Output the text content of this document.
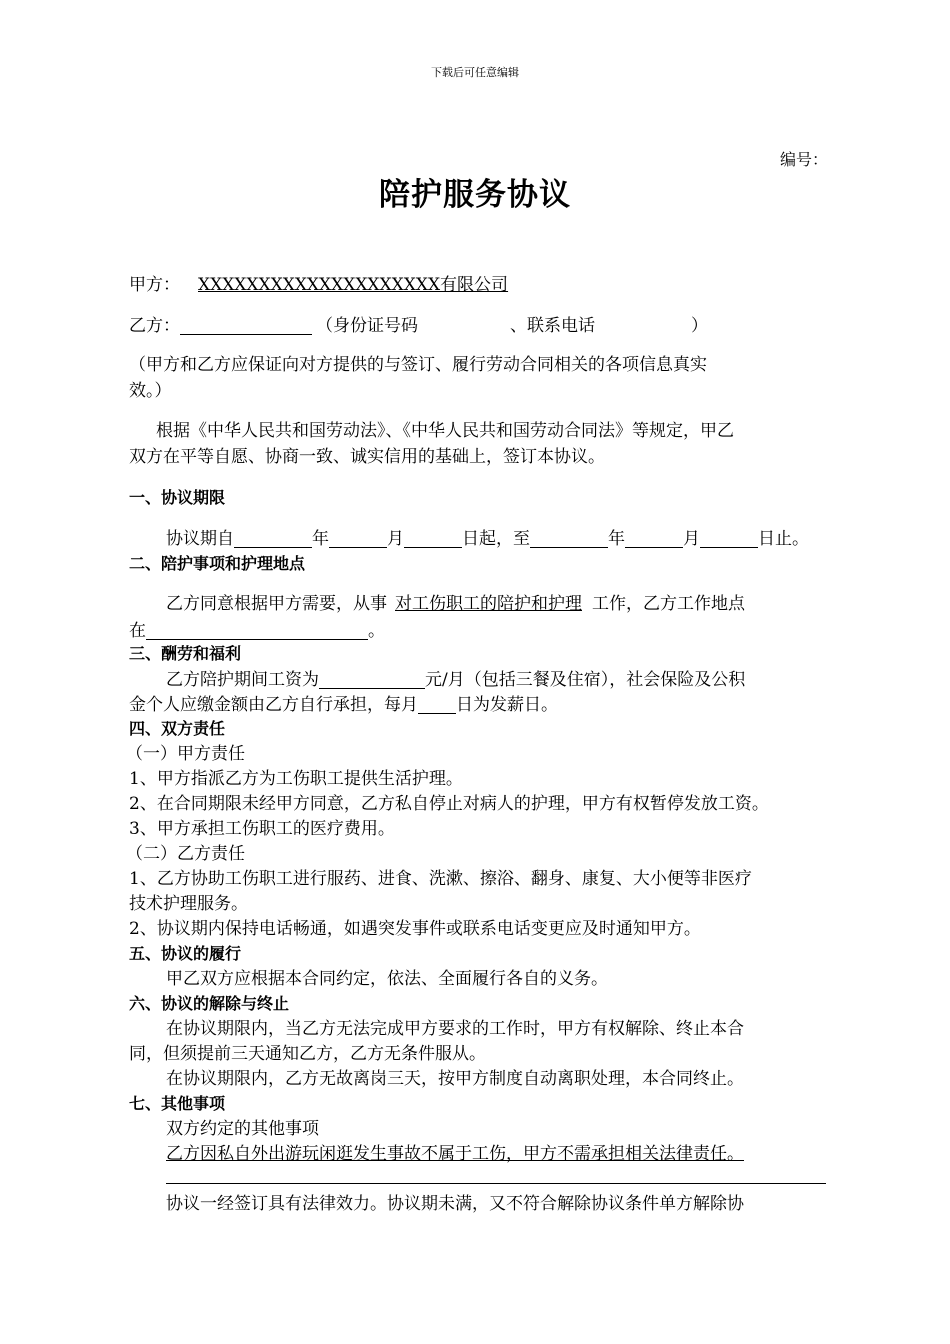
下载后可任意编辑
编号：
陪护服务协议
甲方： XXXXXXXXXXXXXXXXXXXX有限公司
乙方：	（身份证号码	、联系电话	）
（甲方和乙方应保证向对方提供的与签订、履行劳动合同相关的各项信息真实
效。）
根据《中华人民共和国劳动法》、《中华人民共和国劳动合同法》等规定，甲乙
双方在平等自愿、协商一致、诚实信用的基础上，签订本协议。
一、协议期限
协议期自	年	月	日起，至	年	月	日止。
二、陪护事项和护理地点
乙方同意根据甲方需要，从事 对工伤职工的陪护和护理 工作，乙方工作地点
在	。
三、酬劳和福利
乙方陪护期间工资为	元/月（包括三餐及住宿），社会保险及公积
金个人应缴金额由乙方自行承担，每月 日为发薪日。
四、双方责任
（一）甲方责任
1、甲方指派乙方为工伤职工提供生活护理。
2、在合同期限未经甲方同意，乙方私自停止对病人的护理，甲方有权暂停发放工资。
3、甲方承担工伤职工的医疗费用。
（二）乙方责任
1、乙方协助工伤职工进行服药、进食、洗漱、擦浴、翻身、康复、大小便等非医疗
技术护理服务。
2、协议期内保持电话畅通，如遇突发事件或联系电话变更应及时通知甲方。
五、协议的履行
甲乙双方应根据本合同约定，依法、全面履行各自的义务。
六、协议的解除与终止
在协议期限内，当乙方无法完成甲方要求的工作时，甲方有权解除、终止本合
同，但须提前三天通知乙方，乙方无条件服从。
在协议期限内，乙方无故离岗三天，按甲方制度自动离职处理，本合同终止。
七、其他事项
双方约定的其他事项
乙方因私自外出游玩闲逛发生事故不属于工伤，甲方不需承担相关法律责任。
协议一经签订具有法律效力。协议期未满，又不符合解除协议条件单方解除协
